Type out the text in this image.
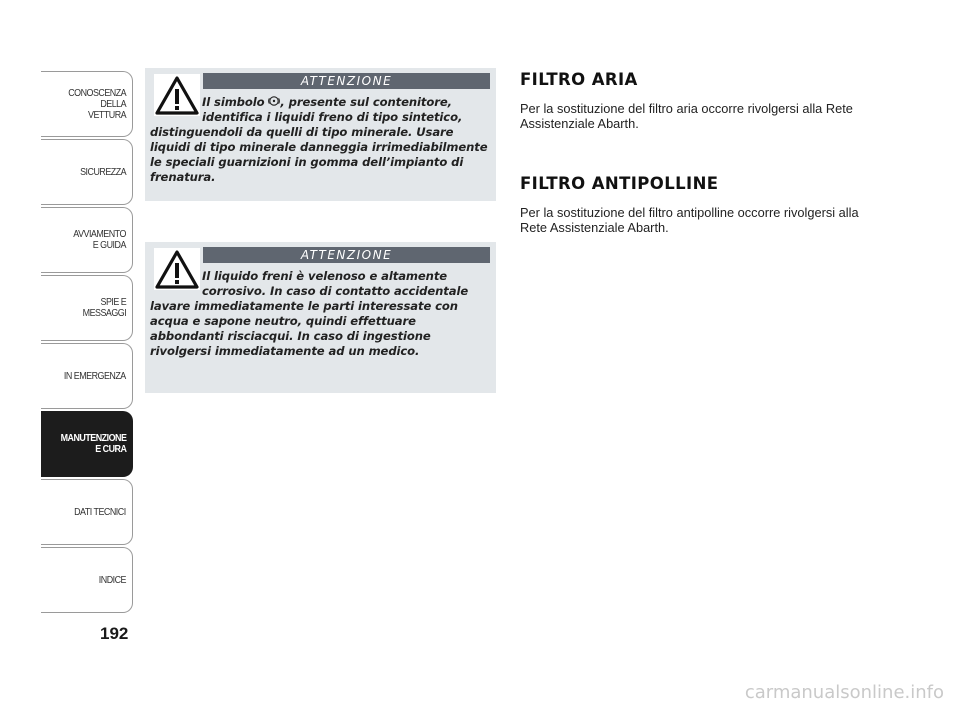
CONOSCENZA
DELLA
VETTURA
SICUREZZA
AVVIAMENTO
E GUIDA
SPIE E
MESSAGGI
IN EMERGENZA
MANUTENZIONE
E CURA
DATI TECNICI
INDICE
192
ATTENZIONE
Il simbolo , presente sul contenitore, identifica i liquidi freno di tipo sintetico, distinguendoli da quelli di tipo minerale. Usare liquidi di tipo minerale danneggia irrimediabilmente le speciali guarnizioni in gomma dell’impianto di frenatura.
ATTENZIONE
Il liquido freni è velenoso e altamente corrosivo. In caso di contatto accidentale lavare immediatamente le parti interessate con acqua e sapone neutro, quindi effettuare abbondanti risciacqui. In caso di ingestione rivolgersi immediatamente ad un medico.
FILTRO ARIA

Per la sostituzione del filtro aria occorre rivolgersi alla Rete Assistenziale Abarth.

FILTRO ANTIPOLLINE

Per la sostituzione del filtro antipolline occorre rivolgersi alla Rete Assistenziale Abarth.

carmanualsonline.info
